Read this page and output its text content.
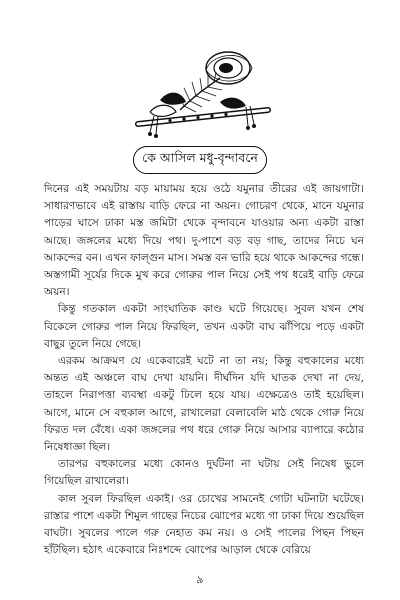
কে আসিল মধু-বৃন্দাবনে

দিনের এই সময়টায় বড় মায়াময় হয়ে ওঠে যমুনার তীরের এই জায়গাটা। সাধারণভাবে এই রাস্তায় বাড়ি ফেরে না অয়ন। গোচরণ থেকে, মানে যমুনার পাড়ের ঘাসে ঢাকা মস্ত জমিটা থেকে বৃন্দাবনে যাওয়ার অন্য একটা রাস্তা আছে। জঙ্গলের মধ্যে দিয়ে পথ। দু-পাশে বড় বড় গাছ, তাদের নিচে ঘন আকন্দের বন। এখন ফাল্গুন মাস। সমস্ত বন ভারি হয়ে থাকে আকন্দের গন্ধে। অস্তগামী সূর্যের দিকে মুখ করে গোরুর পাল নিয়ে সেই পথ ধরেই বাড়ি ফেরে অয়ন।

কিন্তু গতকাল একটা সাংঘাতিক কাণ্ড ঘটে গিয়েছে। সুবল যখন শেষ বিকেলে গোরুর পাল নিয়ে ফিরছিল, তখন একটা বাঘ ঝাঁপিয়ে পড়ে একটা বাছুর তুলে নিয়ে গেছে।

এরকম আক্রমণ যে একেবারেই ঘটে না তা নয়; কিন্তু বহুকালের মধ্যে অন্তত এই অঞ্চলে বাঘ দেখা যায়নি। দীর্ঘদিন যদি ঘাতক দেখা না দেয়, তাহলে নিরাপত্তা ব্যবস্থা একটু ঢিলে হয়ে যায়। এক্ষেত্রেও তাই হয়েছিল। আগে, মানে সে বহুকাল আগে, রাখালেরা বেলাবেলি মাঠ থেকে গোরু নিয়ে ফিরত দল বেঁধে। একা জঙ্গলের পথ ধরে গোরু নিয়ে আসার ব্যাপারে কঠোর নিষেধাজ্ঞা ছিল।

তারপর বহুকালের মধ্যে কোনও দুর্ঘটনা না ঘটায় সেই নিষেধ ভুলে গিয়েছিল রাখালেরা।

কাল সুবল ফিরছিল একাই। ওর চোখের সামনেই গোটা ঘটনাটা ঘটেছে। রাস্তার পাশে একটা শিমুল গাছের নিচের ঝোপের মধ্যে গা ঢাকা দিয়ে শুয়েছিল বাঘটা। সুবলের পালে গরু নেহাত কম নয়। ও সেই পালের পিছন পিছন হাঁটছিল। হঠাৎ একেবারে নিঃশব্দে ঝোপের আড়াল থেকে বেরিয়ে

৯
